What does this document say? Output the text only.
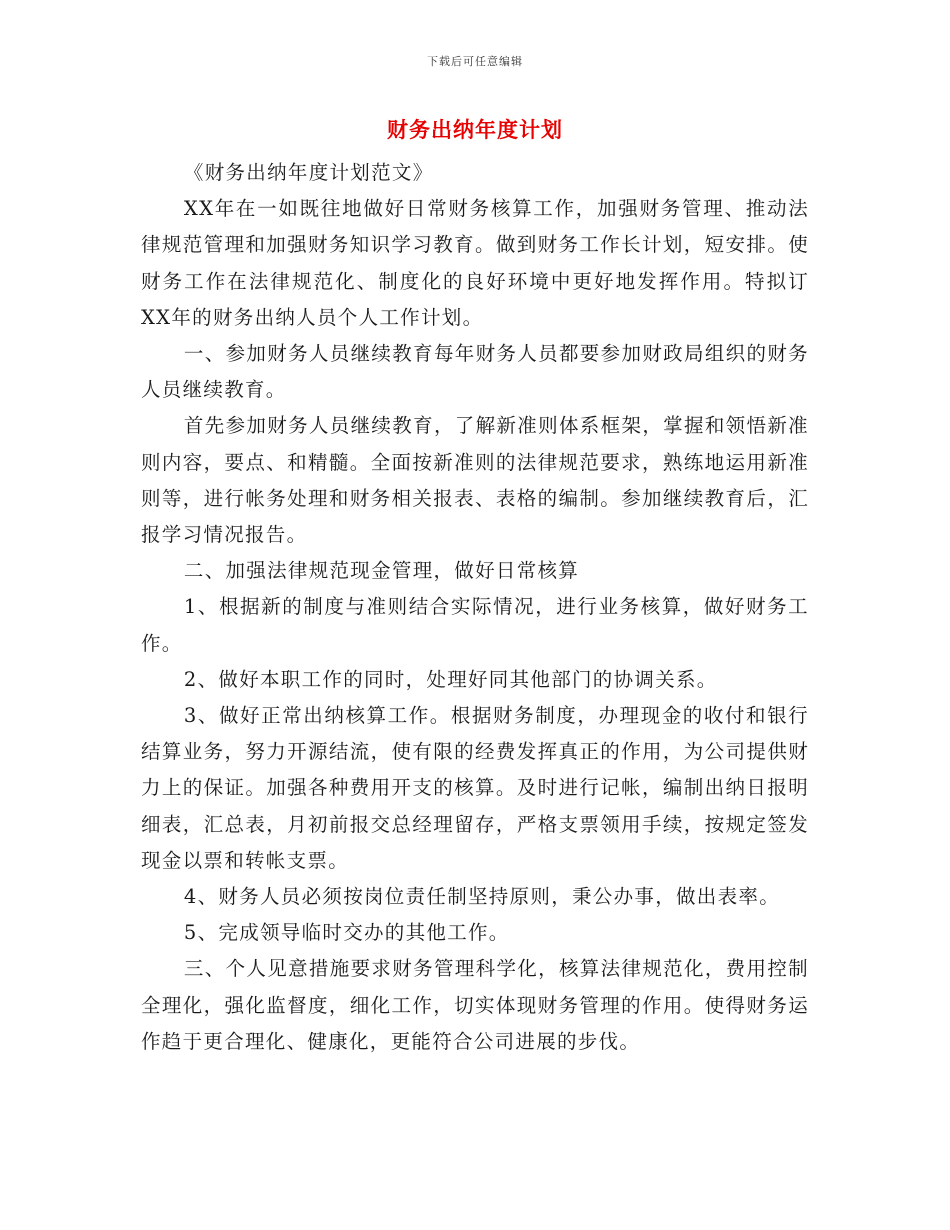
下载后可任意编辑
财务出纳年度计划

《财务出纳年度计划范文》

XX年在一如既往地做好日常财务核算工作，加强财务管理、推动法律规范管理和加强财务知识学习教育。做到财务工作长计划，短安排。使财务工作在法律规范化、制度化的良好环境中更好地发挥作用。特拟订XX年的财务出纳人员个人工作计划。

一、参加财务人员继续教育每年财务人员都要参加财政局组织的财务人员继续教育。

首先参加财务人员继续教育，了解新准则体系框架，掌握和领悟新准则内容，要点、和精髓。全面按新准则的法律规范要求，熟练地运用新准则等，进行帐务处理和财务相关报表、表格的编制。参加继续教育后，汇报学习情况报告。

二、加强法律规范现金管理，做好日常核算

1、根据新的制度与准则结合实际情况，进行业务核算，做好财务工作。

2、做好本职工作的同时，处理好同其他部门的协调关系。

3、做好正常出纳核算工作。根据财务制度，办理现金的收付和银行结算业务，努力开源结流，使有限的经费发挥真正的作用，为公司提供财力上的保证。加强各种费用开支的核算。及时进行记帐，编制出纳日报明细表，汇总表，月初前报交总经理留存，严格支票领用手续，按规定签发现金以票和转帐支票。

4、财务人员必须按岗位责任制坚持原则，秉公办事，做出表率。

5、完成领导临时交办的其他工作。

三、个人见意措施要求财务管理科学化，核算法律规范化，费用控制全理化，强化监督度，细化工作，切实体现财务管理的作用。使得财务运作趋于更合理化、健康化，更能符合公司进展的步伐。
